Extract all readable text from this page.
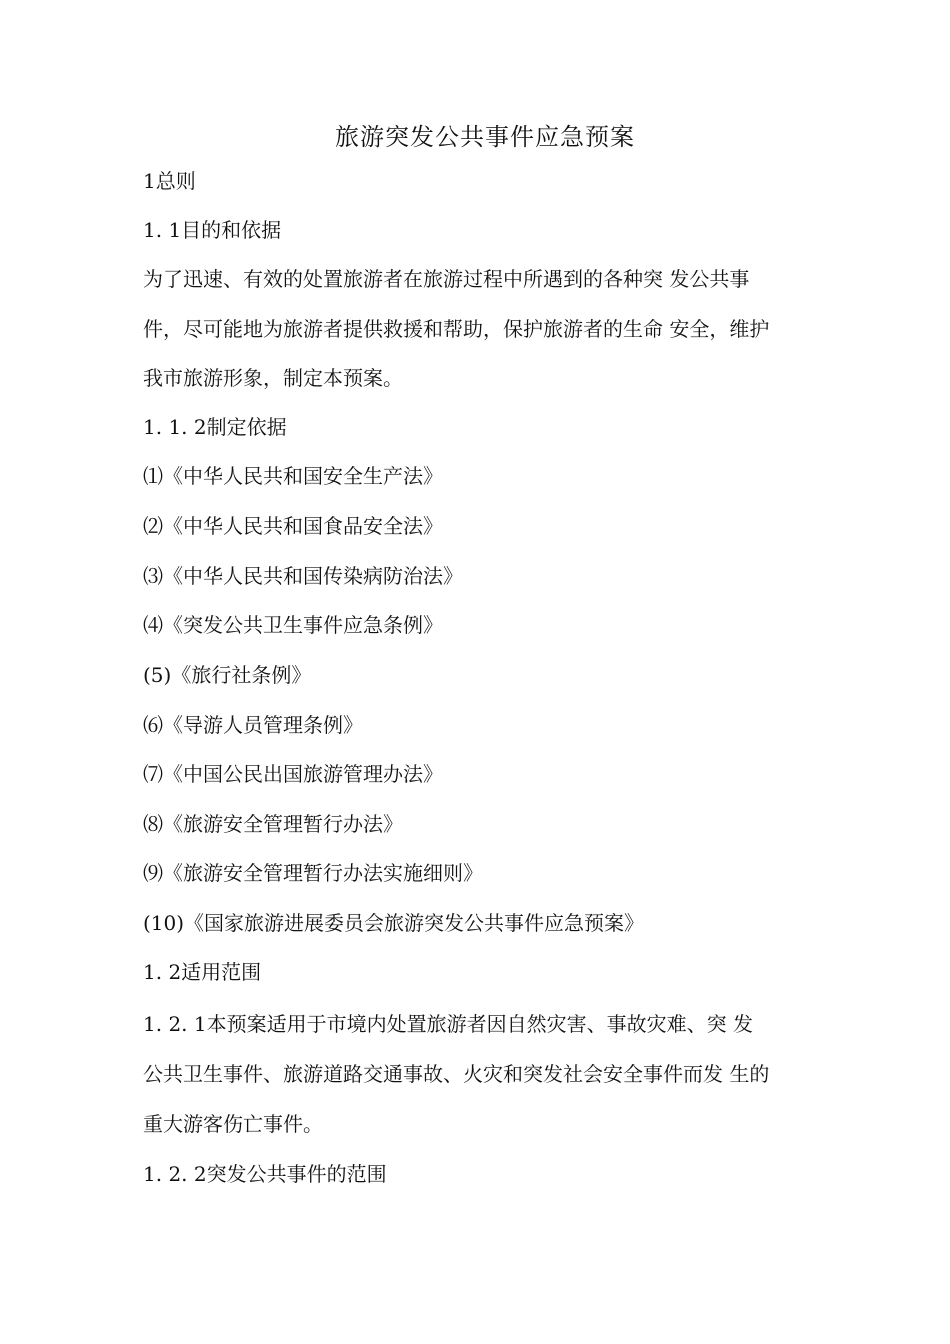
旅游突发公共事件应急预案
1总则
1. 1目的和依据
为了迅速、有效的处置旅游者在旅游过程中所遇到的各种突 发公共事
件，尽可能地为旅游者提供救援和帮助，保护旅游者的生命 安全，维护
我市旅游形象，制定本预案。
1. 1. 2制定依据
⑴《中华人民共和国安全生产法》
⑵《中华人民共和国食品安全法》
⑶《中华人民共和国传染病防治法》
⑷《突发公共卫生事件应急条例》
(5)《旅行社条例》
⑹《导游人员管理条例》
⑺《中国公民出国旅游管理办法》
⑻《旅游安全管理暂行办法》
⑼《旅游安全管理暂行办法实施细则》
(10)《国家旅游进展委员会旅游突发公共事件应急预案》
1. 2适用范围
1. 2. 1本预案适用于市境内处置旅游者因自然灾害、事故灾难、突 发
公共卫生事件、旅游道路交通事故、火灾和突发社会安全事件而发 生的
重大游客伤亡事件。
1. 2. 2突发公共事件的范围
